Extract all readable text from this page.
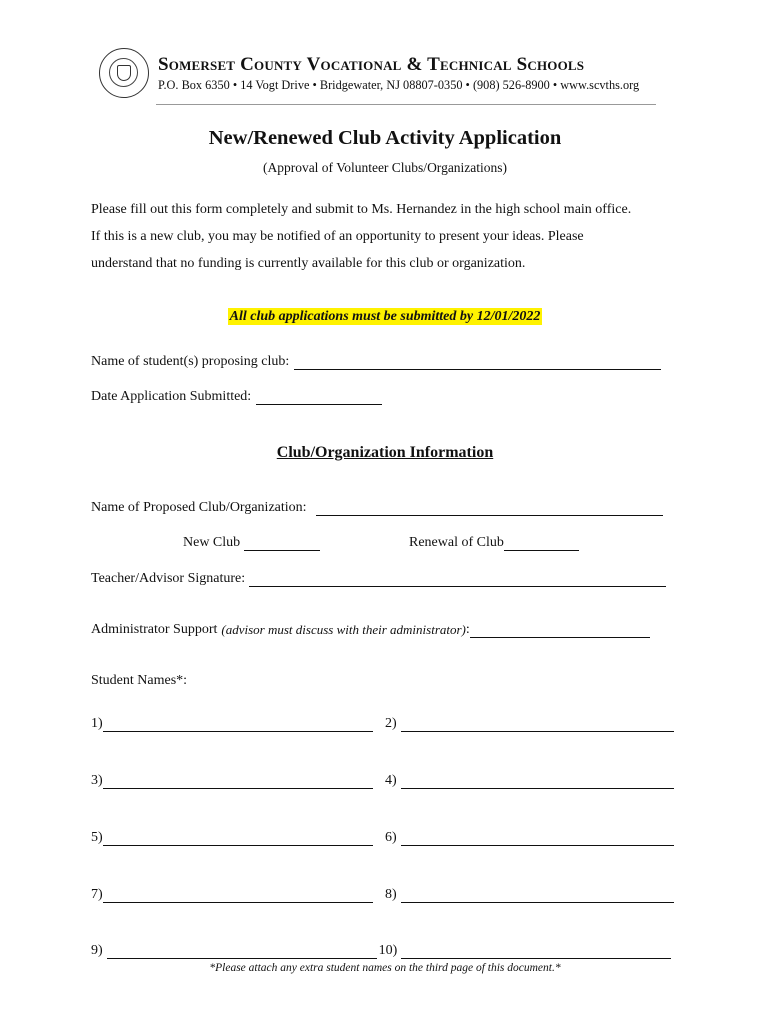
Somerset County Vocational & Technical Schools
P.O. Box 6350 • 14 Vogt Drive • Bridgewater, NJ 08807-0350 • (908) 526-8900 • www.scvths.org
New/Renewed Club Activity Application
(Approval of Volunteer Clubs/Organizations)
Please fill out this form completely and submit to Ms. Hernandez in the high school main office.
If this is a new club, you may be notified of an opportunity to present your ideas. Please
understand that no funding is currently available for this club or organization.
All club applications must be submitted by 12/01/2022
Name of student(s) proposing club:
Date Application Submitted:
Club/Organization Information
Name of Proposed Club/Organization:
New Club	Renewal of Club
Teacher/Advisor Signature:
Administrator Support (advisor must discuss with their administrator) :
Student Names*:
1)	2)
3)	4)
5)	6)
7)	8)
9)	10)
*Please attach any extra student names on the third page of this document.*
